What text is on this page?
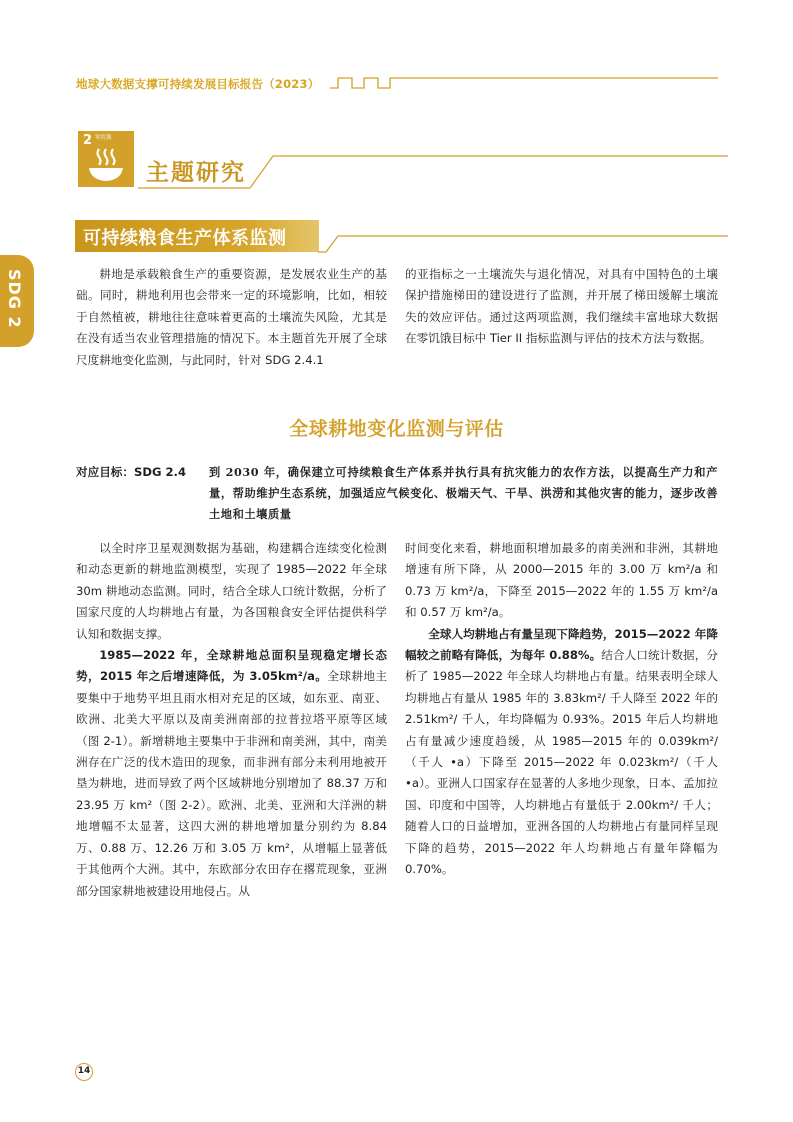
地球大数据支撑可持续发展目标报告（2023）
2 零饥饿
主题研究
可持续粮食生产体系监测
SDG 2	耕地是承载粮食生产的重要资源，是发展农业生产的基础。同时，耕地利用也会带来一定的环境影响，比如，相较于自然植被，耕地往往意味着更高的土壤流失风险，尤其是在没有适当农业管理措施的情况下。本主题首先开展了全球尺度耕地变化监测，与此同时，针对 SDG 2.4.1

的亚指标之一土壤流失与退化情况，对具有中国特色的土壤保护措施梯田的建设进行了监测，并开展了梯田缓解土壤流失的效应评估。通过这两项监测，我们继续丰富地球大数据在零饥饿目标中 Tier II 指标监测与评估的技术方法与数据。

全球耕地变化监测与评估
对应目标：SDG 2.4 到 2030 年，确保建立可持续粮食生产体系并执行具有抗灾能力的农作方法，以提高生产力和产量，帮助维护生态系统，加强适应气候变化、极端天气、干旱、洪涝和其他灾害的能力，逐步改善土地和土壤质量

以全时序卫星观测数据为基础，构建耦合连续变化检测和动态更新的耕地监测模型，实现了 1985—2022 年全球 30m 耕地动态监测。同时，结合全球人口统计数据，分析了国家尺度的人均耕地占有量，为各国粮食安全评估提供科学认知和数据支撑。

1985—2022 年，全球耕地总面积呈现稳定增长态势，2015 年之后增速降低，为 3.05km²/a。全球耕地主要集中于地势平坦且雨水相对充足的区域，如东亚、南亚、欧洲、北美大平原以及南美洲南部的拉普拉塔平原等区域（图 2-1）。新增耕地主要集中于非洲和南美洲，其中，南美洲存在广泛的伐木造田的现象，而非洲有部分未利用地被开垦为耕地，进而导致了两个区域耕地分别增加了 88.37 万和 23.95 万 km²（图 2-2）。欧洲、北美、亚洲和大洋洲的耕地增幅不太显著，这四大洲的耕地增加量分别约为 8.84 万、0.88 万、12.26 万和 3.05 万 km²，从增幅上显著低于其他两个大洲。其中，东欧部分农田存在撂荒现象，亚洲部分国家耕地被建设用地侵占。从

时间变化来看，耕地面积增加最多的南美洲和非洲，其耕地增速有所下降，从 2000—2015 年的 3.00 万 km²/a 和 0.73 万 km²/a，下降至 2015—2022 年的 1.55 万 km²/a 和 0.57 万 km²/a。

全球人均耕地占有量呈现下降趋势，2015—2022 年降幅较之前略有降低，为每年 0.88%。结合人口统计数据，分析了 1985—2022 年全球人均耕地占有量。结果表明全球人均耕地占有量从 1985 年的 3.83km²/ 千人降至 2022 年的 2.51km²/ 千人，年均降幅为 0.93%。2015 年后人均耕地占有量减少速度趋缓，从 1985—2015 年的 0.039km²/（千人 •a）下降至 2015—2022 年 0.023km²/（千人 •a）。亚洲人口国家存在显著的人多地少现象，日本、孟加拉国、印度和中国等，人均耕地占有量低于 2.00km²/ 千人；随着人口的日益增加，亚洲各国的人均耕地占有量同样呈现下降的趋势，2015—2022 年人均耕地占有量年降幅为 0.70%。

14
